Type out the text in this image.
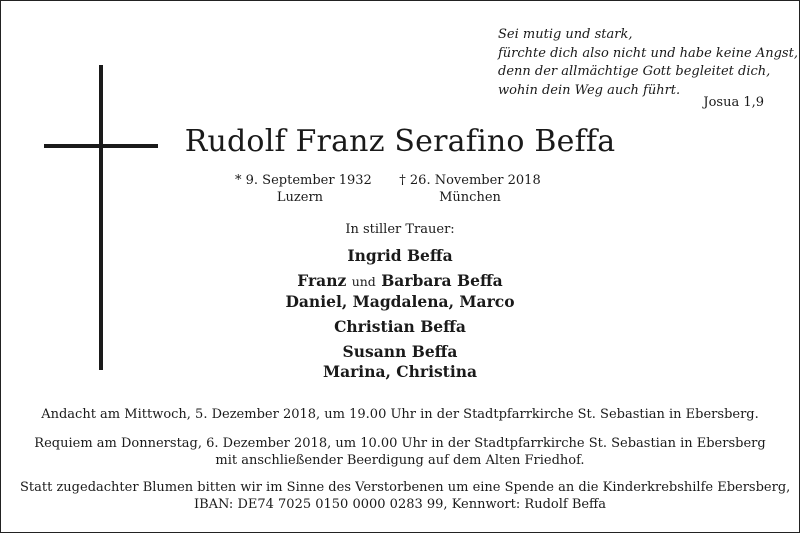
Sei mutig und stark,
fürchte dich also nicht und habe keine Angst,
denn der allmächtige Gott begleitet dich,
wohin dein Weg auch führt.
Josua 1,9
Rudolf Franz Serafino Beffa
* 9. September 1932
Luzern
† 26. November 2018
München
In stiller Trauer:
Ingrid Beffa
Franz und Barbara Beffa
Daniel, Magdalena, Marco
Christian Beffa
Susann Beffa
Marina, Christina
Andacht am Mittwoch, 5. Dezember 2018, um 19.00 Uhr in der Stadtpfarrkirche St. Sebastian in Ebersberg.
Requiem am Donnerstag, 6. Dezember 2018, um 10.00 Uhr in der Stadtpfarrkirche St. Sebastian in Ebersberg
mit anschließender Beerdigung auf dem Alten Friedhof.
Statt zugedachter Blumen bitten wir im Sinne des Verstorbenen um eine Spende an die Kinderkrebshilfe Ebersberg,
IBAN: DE74 7025 0150 0000 0283 99, Kennwort: Rudolf Beffa
